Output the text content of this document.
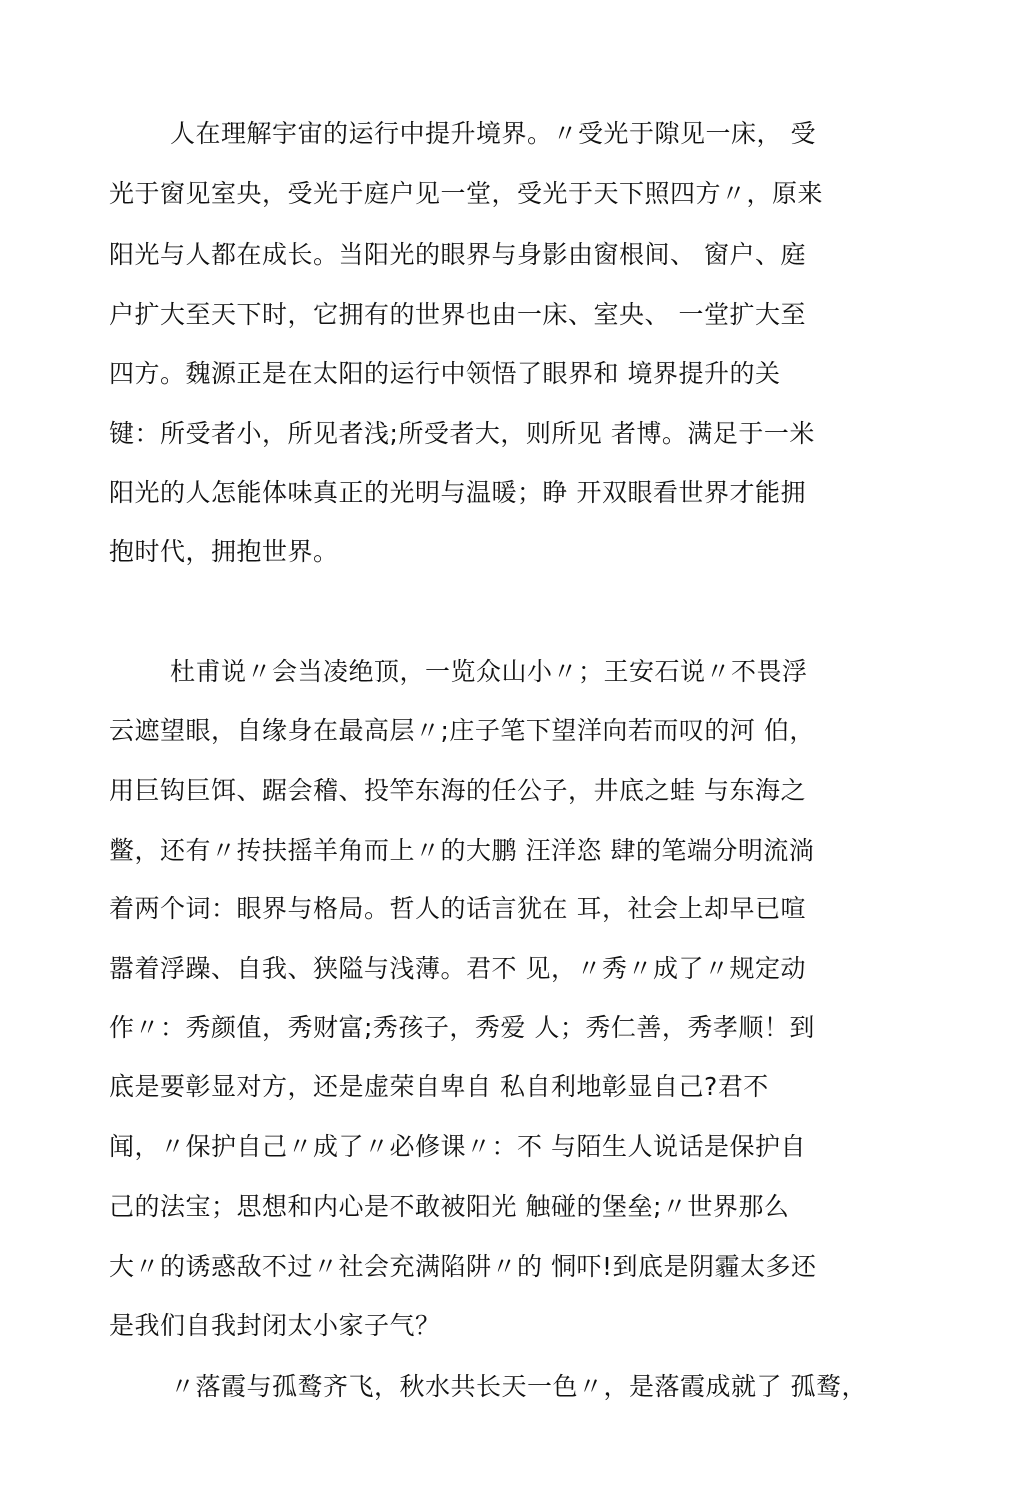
人在理解宇宙的运行中提升境界。〃受光于隙见一床， 受
光于窗见室央，受光于庭户见一堂，受光于天下照四方〃，原来
阳光与人都在成长。当阳光的眼界与身影由窗根间、 窗户、庭
户扩大至天下时，它拥有的世界也由一床、室央、 一堂扩大至
四方。魏源正是在太阳的运行中领悟了眼界和 境界提升的关
键：所受者小，所见者浅;所受者大，则所见 者博。满足于一米
阳光的人怎能体味真正的光明与温暖；睁 开双眼看世界才能拥
抱时代，拥抱世界。
杜甫说〃会当凌绝顶，一览众山小〃；王安石说〃不畏浮
云遮望眼，自缘身在最高层〃;庄子笔下望洋向若而叹的河 伯，
用巨钩巨饵、踞会稽、投竿东海的任公子，井底之蛙 与东海之
鳖，还有〃抟扶摇羊角而上〃的大鹏 汪洋恣 肆的笔端分明流淌
着两个词：眼界与格局。哲人的话言犹在 耳，社会上却早已喧
嚣着浮躁、自我、狭隘与浅薄。君不 见，〃秀〃成了〃规定动
作〃：秀颜值，秀财富;秀孩子，秀爱 人；秀仁善，秀孝顺！到
底是要彰显对方，还是虚荣自卑自 私自利地彰显自己?君不
闻，〃保护自己〃成了〃必修课〃：不 与陌生人说话是保护自
己的法宝；思想和内心是不敢被阳光 触碰的堡垒;〃世界那么
大〃的诱惑敌不过〃社会充满陷阱〃的 恫吓!到底是阴霾太多还
是我们自我封闭太小家子气？
〃落霞与孤鹜齐飞，秋水共长天一色〃，是落霞成就了 孤鹜，
